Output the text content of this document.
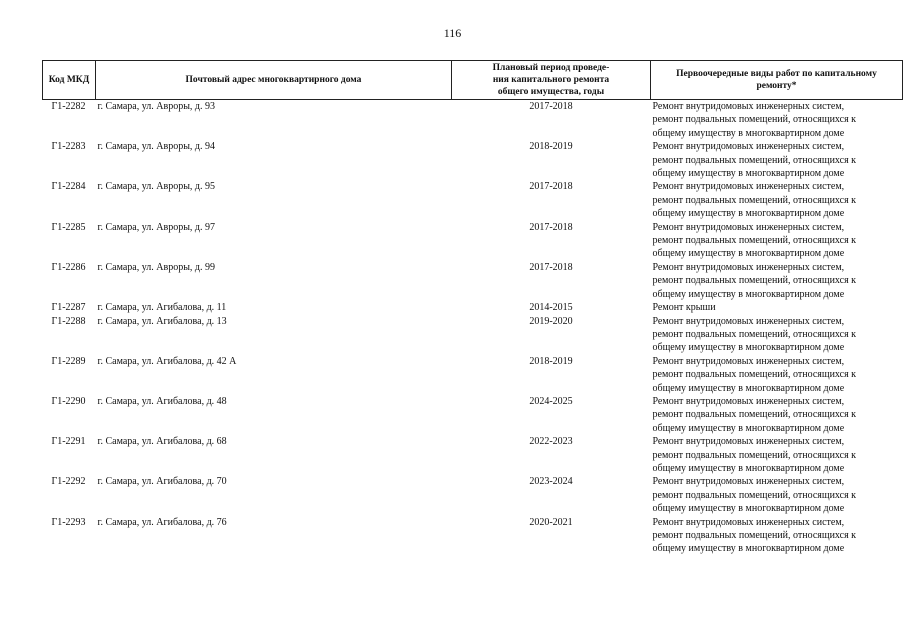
116
Код МКД	Почтовый адрес многоквартирного дома	Плановый период проведе-
ния капитального ремонта
общего имущества, годы	Первоочередные виды работ по капитальному
ремонту*

Г1-2282	г. Самара, ул. Авроры, д. 93	2017-2018	Ремонт внутридомовых инженерных систем,
ремонт подвальных помещений, относящихся к
общему имуществу в многоквартирном доме

Г1-2283	г. Самара, ул. Авроры, д. 94	2018-2019	Ремонт внутридомовых инженерных систем,
ремонт подвальных помещений, относящихся к
общему имуществу в многоквартирном доме

Г1-2284	г. Самара, ул. Авроры, д. 95	2017-2018	Ремонт внутридомовых инженерных систем,
ремонт подвальных помещений, относящихся к
общему имуществу в многоквартирном доме

Г1-2285	г. Самара, ул. Авроры, д. 97	2017-2018	Ремонт внутридомовых инженерных систем,
ремонт подвальных помещений, относящихся к
общему имуществу в многоквартирном доме

Г1-2286	г. Самара, ул. Авроры, д. 99	2017-2018	Ремонт внутридомовых инженерных систем,
ремонт подвальных помещений, относящихся к
общему имуществу в многоквартирном доме

Г1-2287	г. Самара, ул. Агибалова, д. 11	2014-2015	Ремонт крыши

Г1-2288	г. Самара, ул. Агибалова, д. 13	2019-2020	Ремонт внутридомовых инженерных систем,
ремонт подвальных помещений, относящихся к
общему имуществу в многоквартирном доме

Г1-2289	г. Самара, ул. Агибалова, д. 42 А	2018-2019	Ремонт внутридомовых инженерных систем,
ремонт подвальных помещений, относящихся к
общему имуществу в многоквартирном доме

Г1-2290	г. Самара, ул. Агибалова, д. 48	2024-2025	Ремонт внутридомовых инженерных систем,
ремонт подвальных помещений, относящихся к
общему имуществу в многоквартирном доме

Г1-2291	г. Самара, ул. Агибалова, д. 68	2022-2023	Ремонт внутридомовых инженерных систем,
ремонт подвальных помещений, относящихся к
общему имуществу в многоквартирном доме

Г1-2292	г. Самара, ул. Агибалова, д. 70	2023-2024	Ремонт внутридомовых инженерных систем,
ремонт подвальных помещений, относящихся к
общему имуществу в многоквартирном доме

Г1-2293	г. Самара, ул. Агибалова, д. 76	2020-2021	Ремонт внутридомовых инженерных систем,
ремонт подвальных помещений, относящихся к
общему имуществу в многоквартирном доме
